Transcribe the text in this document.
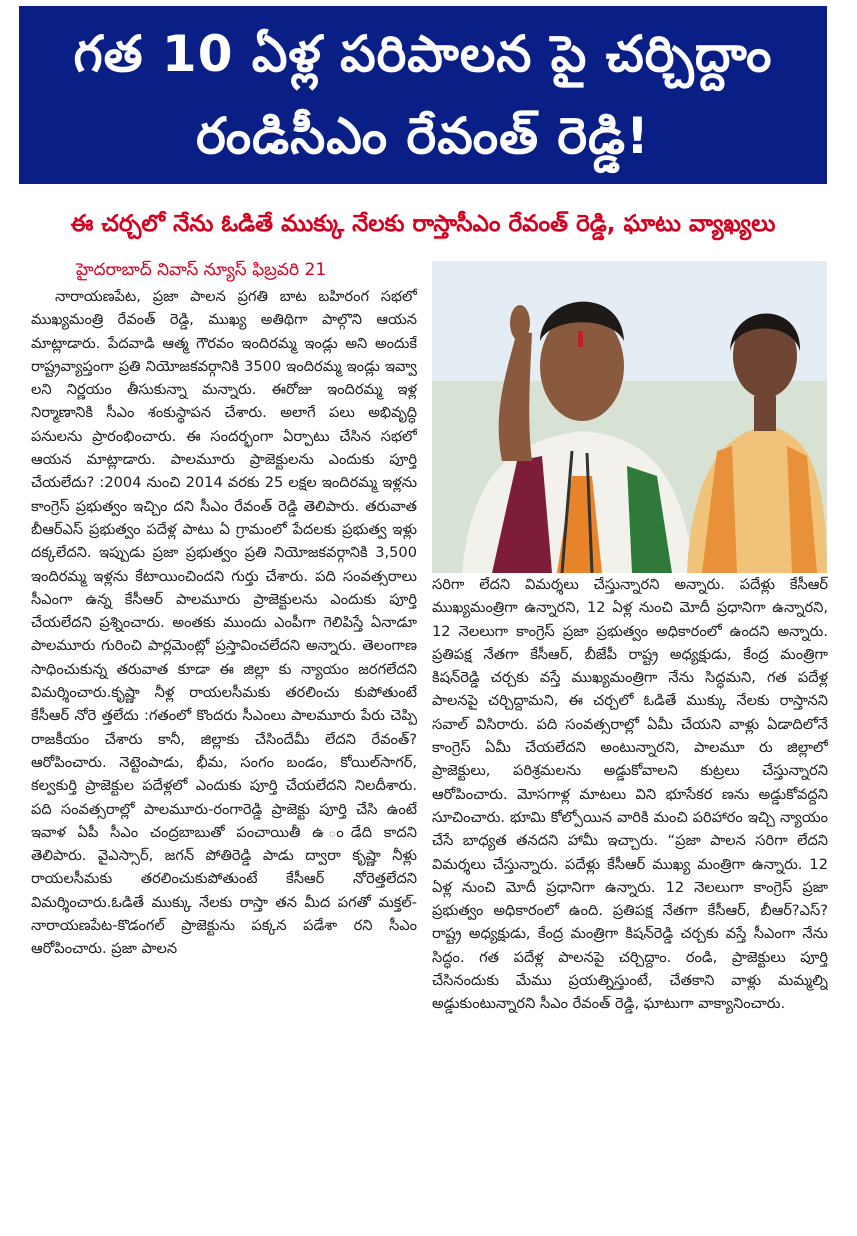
గత 10 ఏళ్ల పరిపాలన పై చర్చిద్దాం
రండిసీఎం రేవంత్ రెడ్డి!
ఈ చర్చలో నేను ఓడితే ముక్కు నేలకు రాస్తాసీఎం రేవంత్ రెడ్డి, ఘాటు వ్యాఖ్యలు
హైదరాబాద్ నివాస్ న్యూస్ ఫిబ్రవరి 21
నారాయణపేట, ప్రజా పాలన ప్రగతి బాట బహిరంగ సభలో ముఖ్యమంత్రి రేవంత్ రెడ్డి, ముఖ్య అతిథిగా పాల్గొని ఆయన మాట్లాడారు. పేదవాడి ఆత్మ గౌరవం ఇందిరమ్మ ఇండ్లు అని అందుకే రాష్ట్రవ్యాప్తంగా ప్రతి నియోజకవర్గానికి 3500 ఇందిరమ్మ ఇండ్లు ఇవ్వా లని నిర్ణయం తీసుకున్నా మన్నారు. ఈరోజు ఇందిరమ్మ ఇళ్ల నిర్మాణానికి సీఎం శంకుస్థాపన చేశారు. అలాగే పలు అభివృద్ధి పనులను ప్రారంభించారు. ఈ సందర్భంగా ఏర్పాటు చేసిన సభలో ఆయన మాట్లాడారు. పాలమూరు ప్రాజెక్టులను ఎందుకు పూర్తి చేయలేదు? :2004 నుంచి 2014 వరకు 25 లక్షల ఇందిరమ్మ ఇళ్లను కాంగ్రెస్ ప్రభుత్వం ఇచ్చిం దని సీఎం రేవంత్ రెడ్డి తెలిపారు. తరువాత బీఆర్ఎస్ ప్రభుత్వం పదేళ్ల పాటు ఏ గ్రామంలో పేదలకు ప్రభుత్వ ఇళ్లు దక్కలేదని. ఇప్పుడు ప్రజా ప్రభుత్వం ప్రతి నియోజకవర్గానికి 3,500 ఇందిరమ్మ ఇళ్లను కేటాయించిందని గుర్తు చేశారు. పది సంవత్సరాలు సీఎంగా ఉన్న కేసీఆర్ పాలమూరు ప్రాజెక్టులను ఎందుకు పూర్తి చేయలేదని ప్రశ్నించారు. అంతకు ముందు ఎంపీగా గెలిపిస్తే ఏనాడూ పాలమూరు గురించి పార్లమెంట్లో ప్రస్తావించలేదని అన్నారు. తెలంగాణ సాధించుకున్న తరువాత కూడా ఈ జిల్లా కు న్యాయం జరగలేదని విమర్శించారు.కృష్ణా నీళ్ల రాయలసీమకు తరలించు కుపోతుంటే కేసీఆర్ నోరె త్తలేదు :గతంలో కొందరు సీఎంలు పాలమూరు పేరు చెప్పి రాజకీయం చేశారు కానీ, జిల్లాకు చేసిందేమీ లేదని రేవంత్? ఆరోపించారు. నెట్టెంపాడు, భీమ, సంగం బండం, కోయిల్‌సాగర్, కల్వకుర్తి ప్రాజెక్టుల పదేళ్లలో ఎందుకు పూర్తి చేయలేదని నిలదీశారు. పది సంవత్సరాల్లో పాలమూరు-రంగారెడ్డి ప్రాజెక్టు పూర్తి చేసి ఉంటే ఇవాళ ఏపీ సీఎం చంద్రబాబుతో పంచాయితీ ఉ ండేది కాదని తెలిపారు. వైఎస్సార్, జగన్ పోతిరెడ్డి పాడు ద్వారా కృష్ణా నీళ్లు రాయలసీమకు తరలించుకుపోతుంటే కేసీఆర్ నోరెత్తలేదని విమర్శించారు.ఓడితే ముక్కు నేలకు రాస్తా తన మీద పగతో మక్తల్- నారాయణపేట-కొడంగల్ ప్రాజెక్టును పక్కన పడేశా రని సీఎం ఆరోపించారు. ప్రజా పాలన
సరిగా లేదని విమర్శలు చేస్తున్నారని అన్నారు. పదేళ్లు కేసీఆర్ ముఖ్యమంత్రిగా ఉన్నారని, 12 ఏళ్ల నుంచి మోదీ ప్రధానిగా ఉన్నారని, 12 నెలలుగా కాంగ్రెస్ ప్రజా ప్రభుత్వం అధికారంలో ఉందని అన్నారు. ప్రతిపక్ష నేతగా కేసీఆర్, బీజేపీ రాష్ట్ర అధ్యక్షుడు, కేంద్ర మంత్రిగా కిషన్‌రెడ్డి చర్చకు వస్తే ముఖ్యమంత్రిగా నేను సిద్ధమని, గత పదేళ్ల పాలనపై చర్చిద్దామని, ఈ చర్చలో ఓడితే ముక్కు నేలకు రాస్తానని సవాల్ విసిరారు. పది సంవత్సరాల్లో ఏమీ చేయని వాళ్లు ఏడాదిలోనే కాంగ్రెస్ ఏమీ చేయలేదని అంటున్నారని, పాలమూ రు జిల్లాలో ప్రాజెక్టులు, పరిశ్రమలను అడ్డుకోవాలని కుట్రలు చేస్తున్నారని ఆరోపించారు. మోసగాళ్ల మాటలు విని భూసేకర ణను అడ్డుకోవద్దని సూచించారు. భూమి కోల్పోయిన వారికి మంచి పరిహారం ఇచ్చి న్యాయం చేసే బాధ్యత తనదని హామీ ఇచ్చారు. “ప్రజా పాలన సరిగా లేదని విమర్శలు చేస్తున్నారు. పదేళ్లు కేసీఆర్ ముఖ్య మంత్రిగా ఉన్నారు. 12 ఏళ్ల నుంచి మోదీ ప్రధానిగా ఉన్నారు. 12 నెలలుగా కాంగ్రెస్ ప్రజా ప్రభుత్వం అధికారంలో ఉంది. ప్రతిపక్ష నేతగా కేసీఆర్, బీఆర్?ఎస్? రాష్ట్ర అధ్యక్షుడు, కేంద్ర మంత్రిగా కిషన్‌రెడ్డి చర్చకు వస్తే సీఎంగా నేను సిద్ధం. గత పదేళ్ల పాలనపై చర్చిద్దాం. రండి, ప్రాజెక్టులు పూర్తి చేసినందుకు మేము ప్రయత్నిస్తుంటే, చేతకాని వాళ్లు మమ్మల్ని అడ్డుకుంటున్నారని సీఎం రేవంత్ రెడ్డి, ఘాటుగా వాక్యానించారు.
